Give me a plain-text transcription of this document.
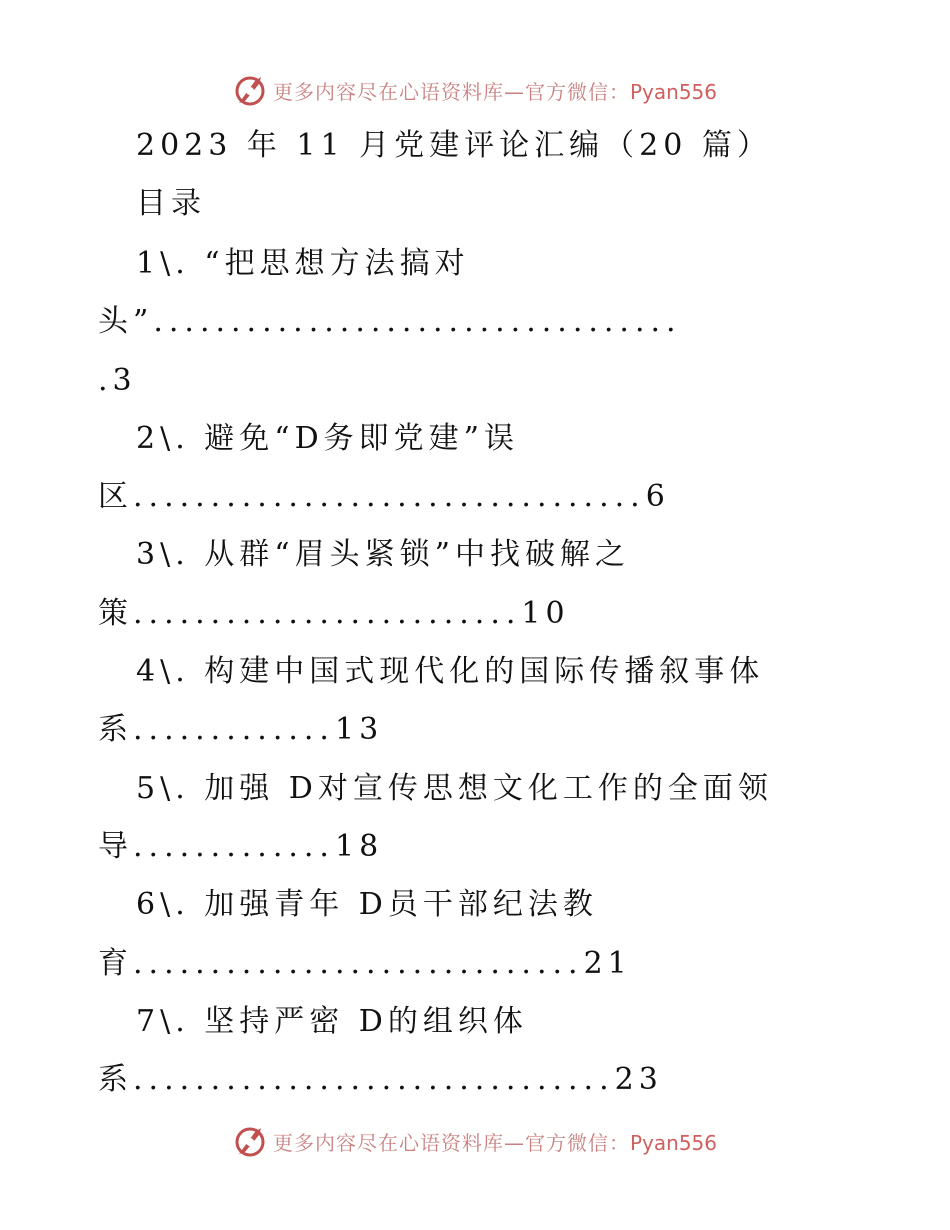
更多内容尽在心语资料库—官方微信：Pyan556
2023 年 11 月党建评论汇编（20 篇）
目录
1\. “把思想方法搞对
头”..................................
.3
2\. 避免“D务即党建”误
区.................................6
3\. 从群“眉头紧锁”中找破解之
策.........................10
4\. 构建中国式现代化的国际传播叙事体
系.............13
5\. 加强 D对宣传思想文化工作的全面领
导.............18
6\. 加强青年 D员干部纪法教
育.............................21
7\. 坚持严密 D的组织体
系...............................23
更多内容尽在心语资料库—官方微信：Pyan556
